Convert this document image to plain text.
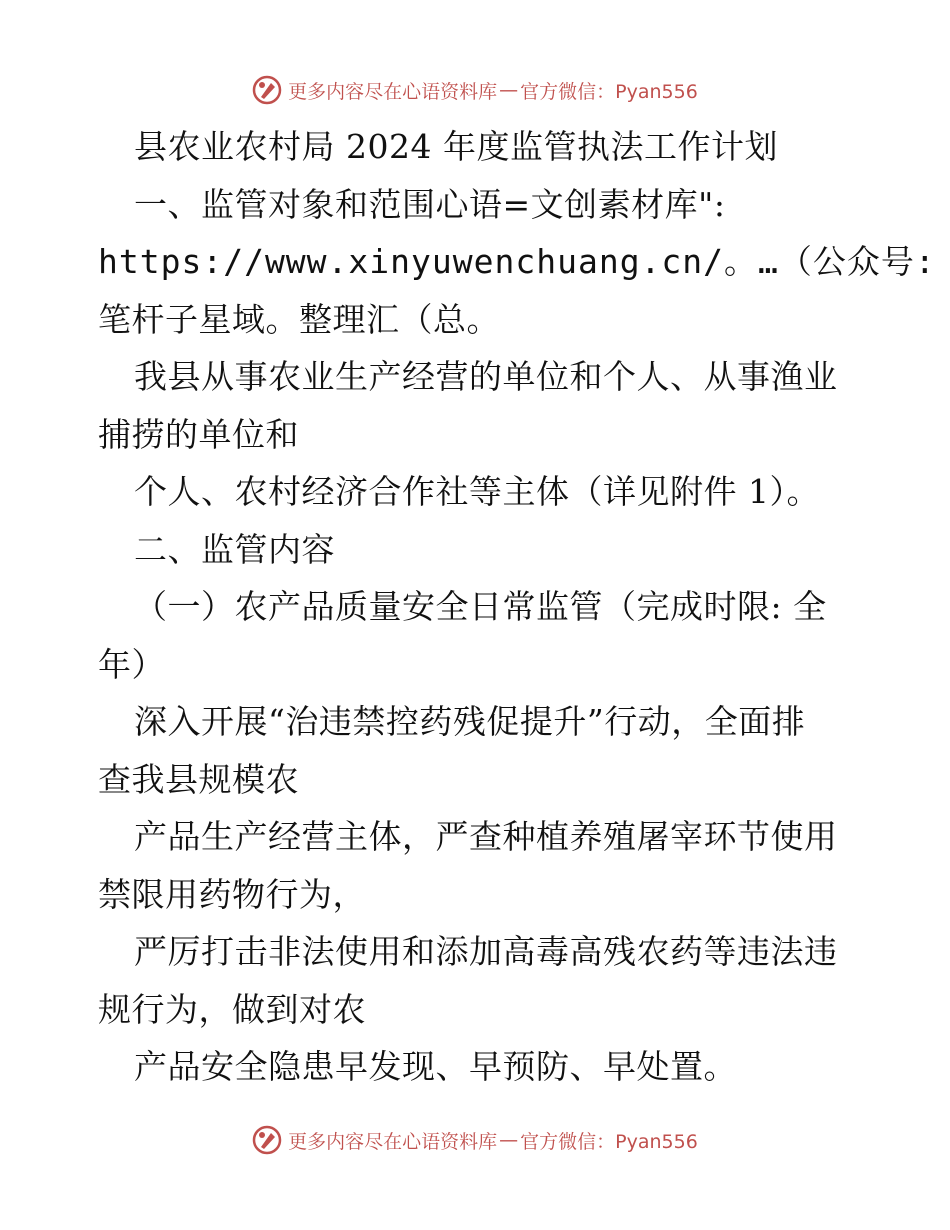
更多内容尽在心语资料库 — 官方微信：Pyan556
县农业农村局 2024 年度监管执法工作计划
一、监管对象和范围心语=文创素材库":
https://www.xinyuwenchuang.cn/。…（公众号:
笔杆子星域。整理汇（总。
我县从事农业生产经营的单位和个人、从事渔业
捕捞的单位和
个人、农村经济合作社等主体（详见附件 1）。
二、监管内容
（一）农产品质量安全日常监管（完成时限: 全
年）
深入开展“治违禁控药残促提升”行动，全面排
查我县规模农
产品生产经营主体，严查种植养殖屠宰环节使用
禁限用药物行为，
严厉打击非法使用和添加高毒高残农药等违法违
规行为，做到对农
产品安全隐患早发现、早预防、早处置。
更多内容尽在心语资料库 — 官方微信：Pyan556
